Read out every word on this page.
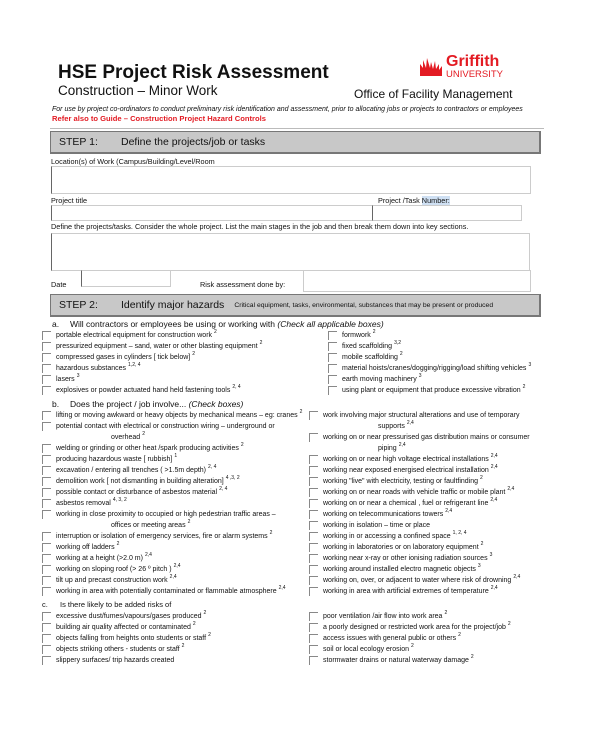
HSE Project Risk Assessment
Construction – Minor Work	Office of Facility Management
Griffith
UNIVERSITY
For use by project co-ordinators to conduct preliminary risk identification and assessment, prior to allocating jobs or projects to contractors or employees
Refer also to Guide – Construction Project Hazard Controls
STEP 1:	Define the projects/job or tasks
Location(s) of Work (Campus/Building/Level/Room
Project title	Project /Task Number:
Define the projects/tasks. Consider the whole project. List the main stages in the job and then break them down into key sections.
Date	Risk assessment done by:
STEP 2:	Identify major hazards Critical equipment, tasks, environmental, substances that may be present or produced
a. Will contractors or employees be using or working with (Check all applicable boxes)
portable electrical equipment for construction work $^2$
pressurized equipment – sand, water or other blasting equipment $^2$
compressed gases in cylinders [ tick below] $^2$
hazardous substances $^{1,2, 4}$
lasers $^3$
explosives or powder actuated hand held fastening tools $^{2, 4}$
formwork $^2$
fixed scaffolding $^{3,2}$
mobile scaffolding $^2$
material hoists/cranes/dogging/rigging/load shifting vehicles $^3$
earth moving machinery $^3$
using plant or equipment that produce excessive vibration $^2$
b. Does the project / job involve... (Check boxes)
lifting or moving awkward or heavy objects by mechanical means – eg: cranes $^2$
potential contact with electrical or construction wiring – underground or
overhead $^2$
welding or grinding or other heat /spark producing activities $^2$
producing hazardous waste [ rubbish] $^1$
excavation / entering all trenches ( >1.5m depth) $^{2, 4}$
demolition work [ not dismantling in building alteration] $^{4 ,3, 2}$
possible contact or disturbance of asbestos material $^{2, 4}$
asbestos removal $^{4, 3, 2}$
working in close proximity to occupied or high pedestrian traffic areas –
offices or meeting areas $^2$
interruption or isolation of emergency services, fire or alarm systems $^2$
working off ladders $^2$
working at a height (>2.0 m) $^{2,4}$
working on sloping roof (> 26 º pitch ) $^{2,4}$
tilt up and precast construction work $^{2,4}$
working in area with potentially contaminated or flammable atmosphere $^{2,4}$
work involving major structural alterations and use of temporary
supports $^{2,4}$
working on or near pressurised gas distribution mains or consumer
piping $^{2,4}$
working on or near high voltage electrical installations $^{2,4}$
working near exposed energised electrical installation $^{2,4}$
working "live" with electricity, testing or faultfinding $^2$
working on or near roads with vehicle traffic or mobile plant $^{2,4}$
working on or near a chemical , fuel or refrigerant line $^{2,4}$
working on telecommunications towers $^{2,4}$
working in isolation – time or place
working in or accessing a confined space $^{1, 2, 4}$
working in laboratories or on laboratory equipment $^2$
working near x-ray or other ionising radiation sources $^3$
working around installed electro magnetic objects $^3$
working on, over, or adjacent to water where risk of drowning $^{2,4}$
working in area with artificial extremes of temperature $^{2,4}$
c. Is there likely to be added risks of
excessive dust/fumes/vapours/gases produced $^2$
building air quality affected or contaminated $^2$
objects falling from heights onto students or staff $^2$
objects striking others - students or staff $^2$
slippery surfaces/ trip hazards created
poor ventilation /air flow into work area $^2$
a poorly designed or restricted work area for the project/job $^2$
access issues with general public or others $^2$
soil or local ecology erosion $^2$
stormwater drains or natural waterway damage $^2$
